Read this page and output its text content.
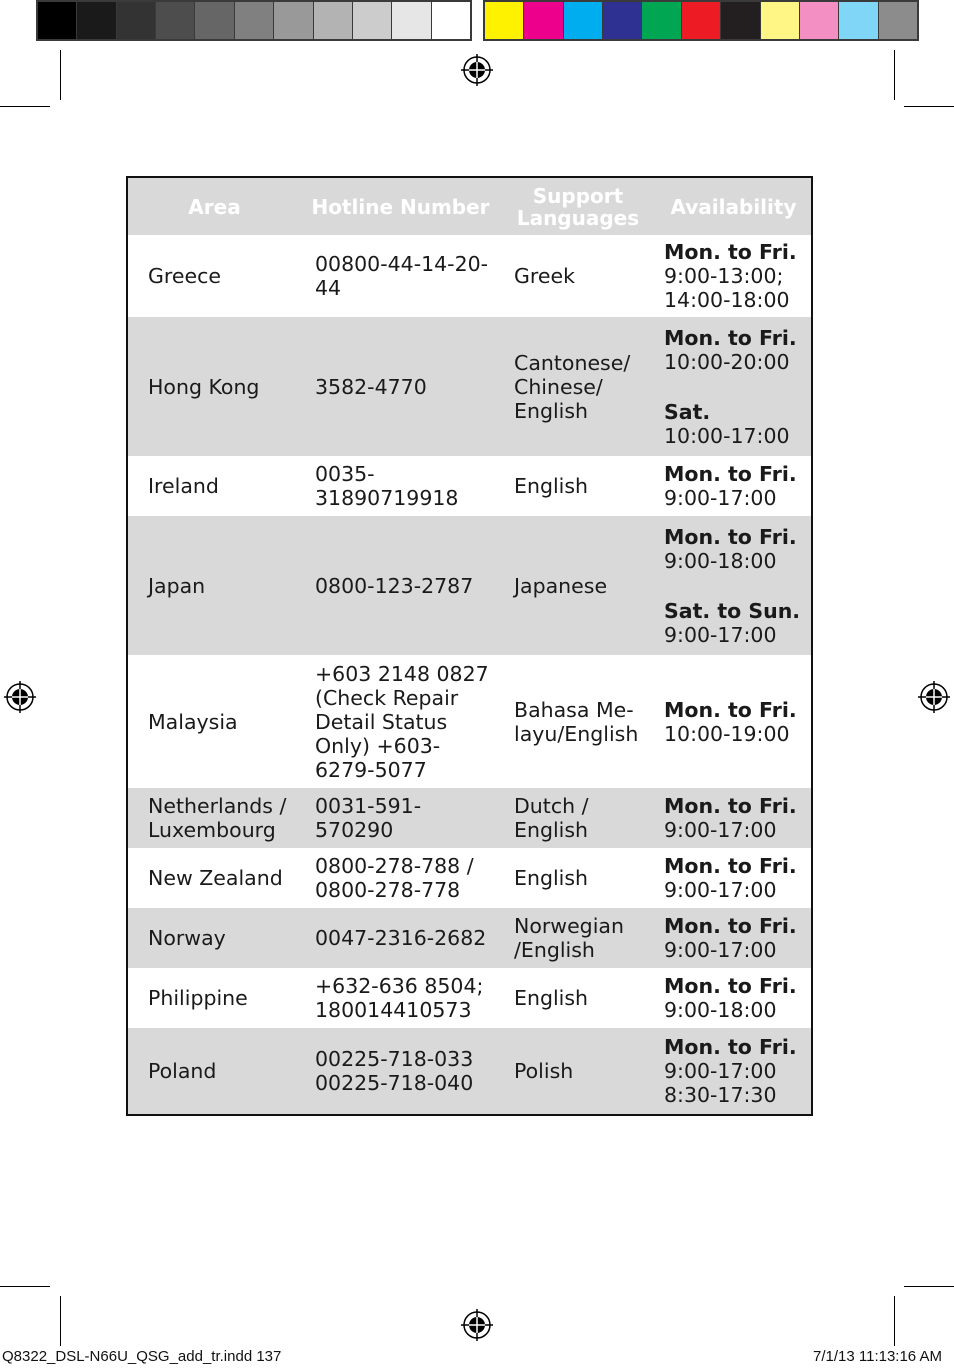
Area	Hotline Number	Support Languages	Availability
Greece	00800-44-14-20-44	Greek	Mon. to Fri.
9:00-13:00; 14:00-18:00

Hong Kong	3582-4770	Cantonese/ Chinese/ English	Mon. to Fri.
10:00-20:00
Sat.
10:00-17:00

Ireland	0035-31890719918	English	Mon. to Fri.
9:00-17:00

Japan	0800-123-2787	Japanese	Mon. to Fri.
9:00-18:00
Sat. to Sun.
9:00-17:00

Malaysia	+603 2148 0827 (Check Repair Detail Status Only) +603-6279-5077	Bahasa Me-layu/English	Mon. to Fri.
10:00-19:00

Netherlands / Luxembourg	0031-591-570290	Dutch / English	Mon. to Fri.
9:00-17:00

New Zealand	0800-278-788 / 0800-278-778	English	Mon. to Fri.
9:00-17:00

Norway	0047-2316-2682	Norwegian /English	Mon. to Fri.
9:00-17:00

Philippine	+632-636 8504; 180014410573	English	Mon. to Fri.
9:00-18:00

Poland	00225-718-033 00225-718-040	Polish	Mon. to Fri.
9:00-17:00 8:30-17:30
Q8322_DSL-N66U_QSG_add_tr.indd 137	7/1/13 11:13:16 AM
